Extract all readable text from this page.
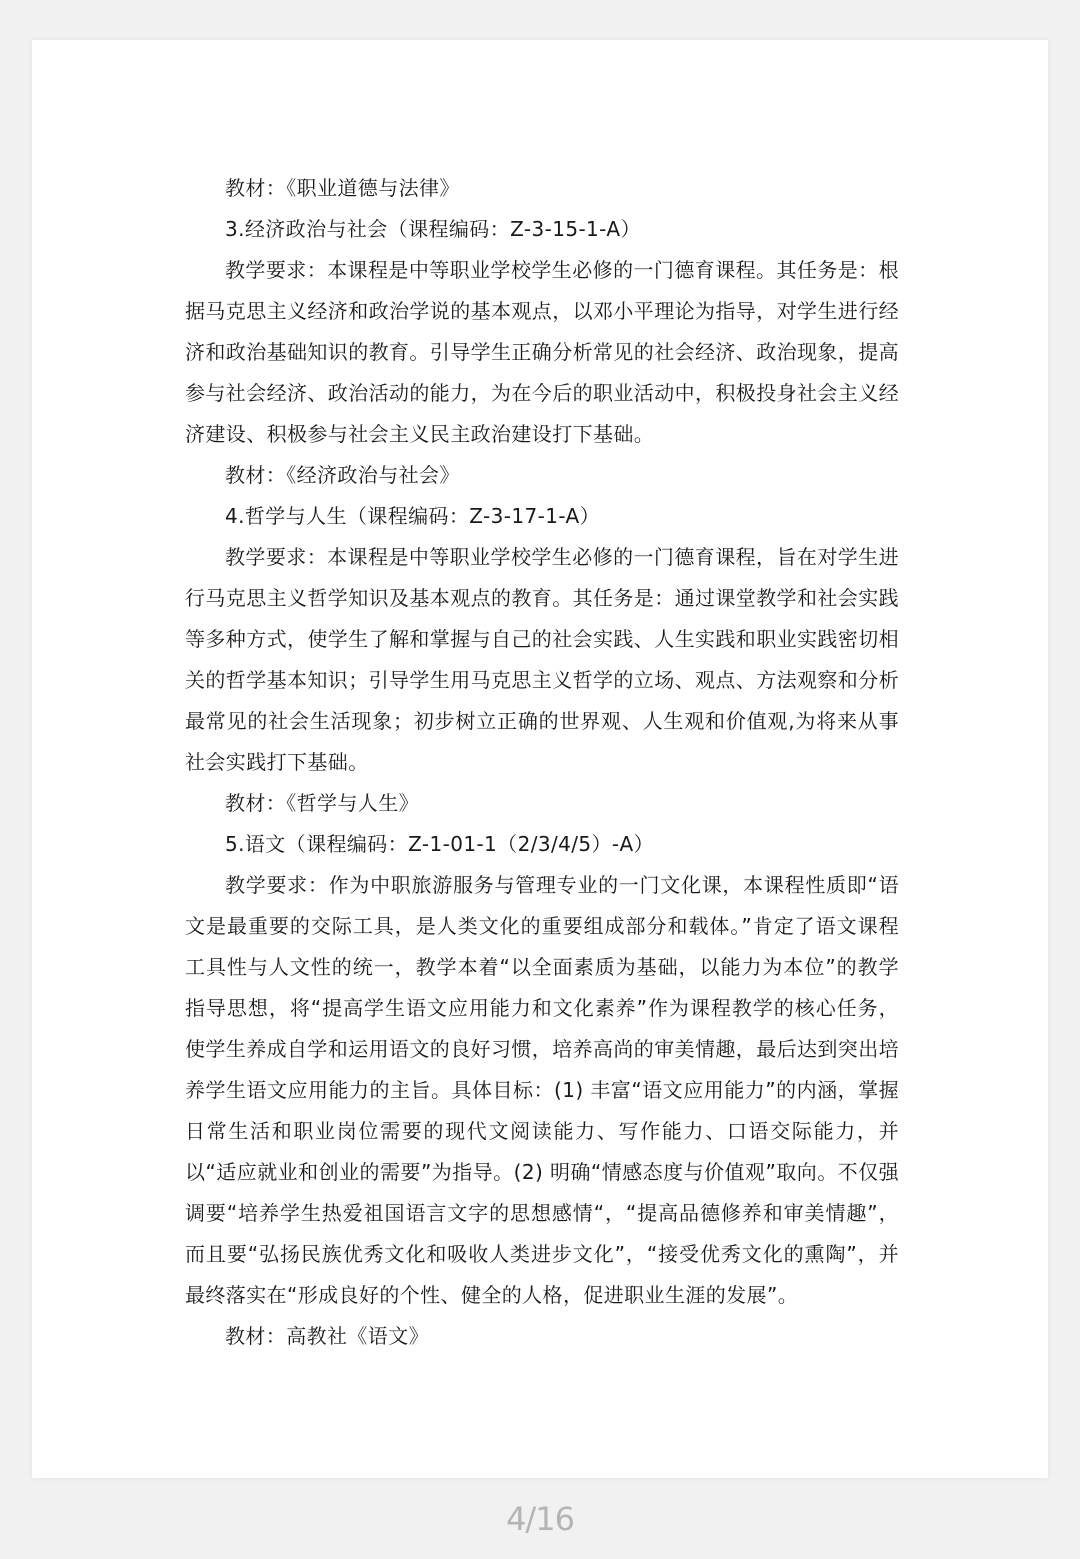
教材：《职业道德与法律》

3.经济政治与社会（课程编码：Z-3-15-1-A）

教学要求：本课程是中等职业学校学生必修的一门德育课程。其任务是：根据马克思主义经济和政治学说的基本观点，以邓小平理论为指导，对学生进行经济和政治基础知识的教育。引导学生正确分析常见的社会经济、政治现象，提高参与社会经济、政治活动的能力，为在今后的职业活动中，积极投身社会主义经济建设、积极参与社会主义民主政治建设打下基础。

教材：《经济政治与社会》

4.哲学与人生（课程编码：Z-3-17-1-A）

教学要求：本课程是中等职业学校学生必修的一门德育课程，旨在对学生进行马克思主义哲学知识及基本观点的教育。其任务是：通过课堂教学和社会实践等多种方式，使学生了解和掌握与自己的社会实践、人生实践和职业实践密切相关的哲学基本知识；引导学生用马克思主义哲学的立场、观点、方法观察和分析最常见的社会生活现象；初步树立正确的世界观、人生观和价值观,为将来从事社会实践打下基础。

教材：《哲学与人生》

5.语文（课程编码：Z-1-01-1（2/3/4/5）-A）

教学要求：作为中职旅游服务与管理专业的一门文化课，本课程性质即“语文是最重要的交际工具，是人类文化的重要组成部分和载体。”肯定了语文课程工具性与人文性的统一，教学本着“以全面素质为基础，以能力为本位”的教学指导思想，将“提高学生语文应用能力和文化素养”作为课程教学的核心任务，使学生养成自学和运用语文的良好习惯，培养高尚的审美情趣，最后达到突出培养学生语文应用能力的主旨。具体目标：(1) 丰富“语文应用能力”的内涵，掌握日常生活和职业岗位需要的现代文阅读能力、写作能力、口语交际能力，并以“适应就业和创业的需要”为指导。(2) 明确“情感态度与价值观”取向。不仅强调要“培养学生热爱祖国语言文字的思想感情“，“提高品德修养和审美情趣”，而且要“弘扬民族优秀文化和吸收人类进步文化”，“接受优秀文化的熏陶”，并最终落实在“形成良好的个性、健全的人格，促进职业生涯的发展”。

教材：高教社《语文》

4/16
